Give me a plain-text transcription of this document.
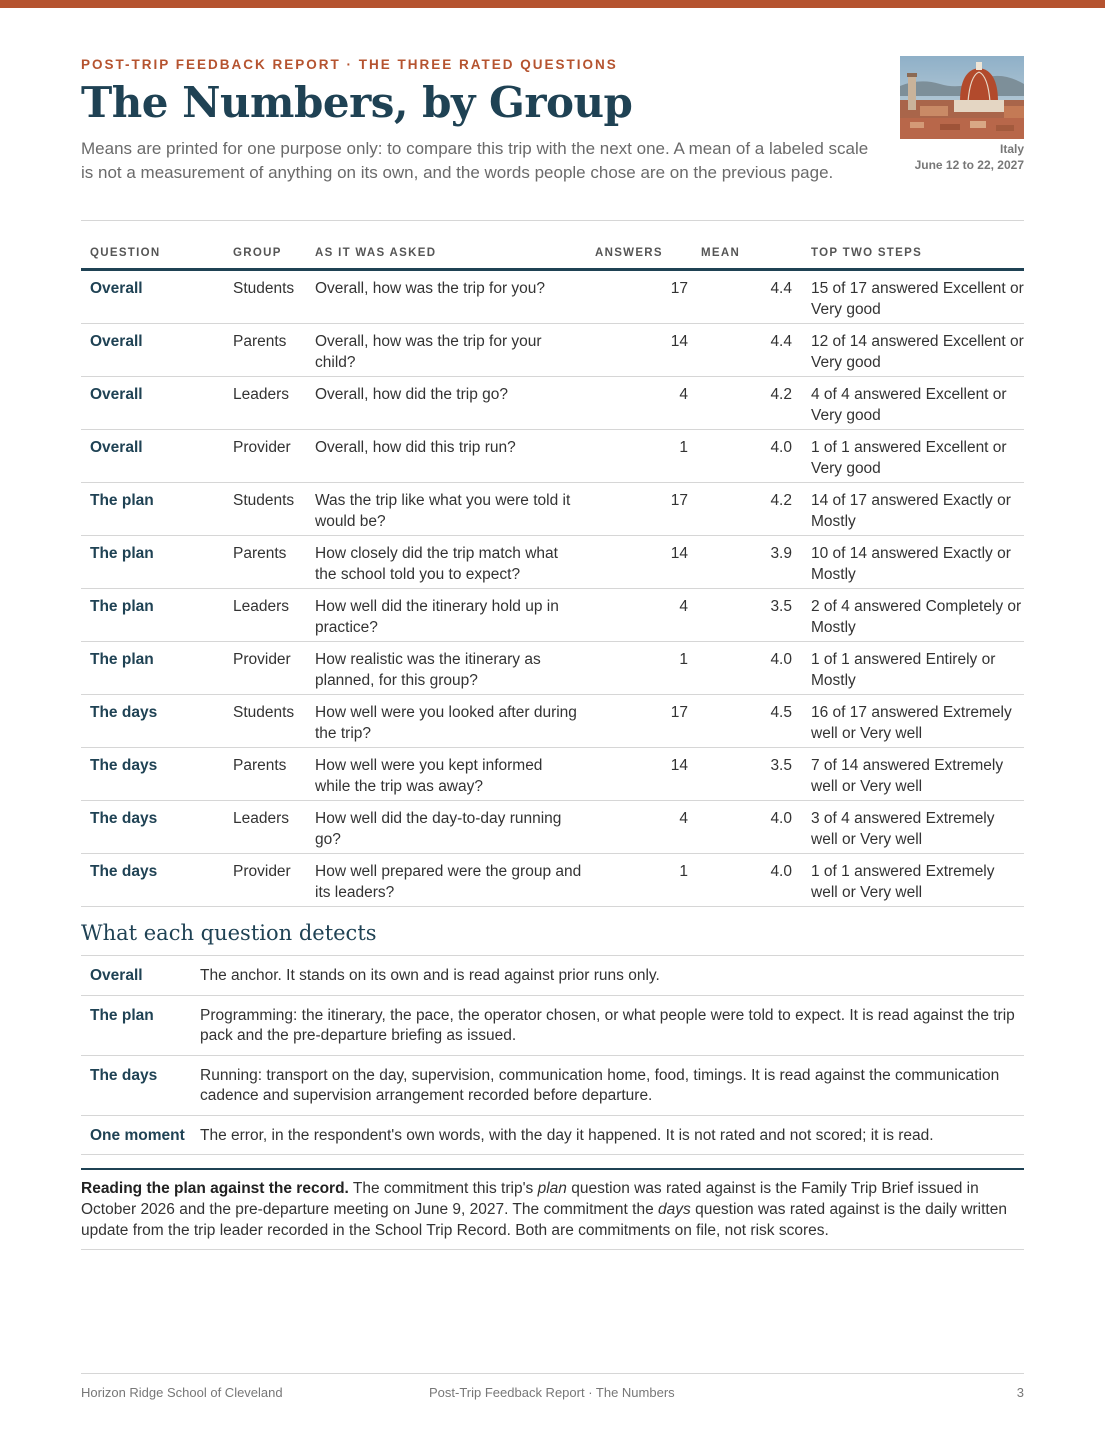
POST-TRIP FEEDBACK REPORT · THE THREE RATED QUESTIONS
The Numbers, by Group
Means are printed for one purpose only: to compare this trip with the next one. A mean of a labeled scale is not a measurement of anything on its own, and the words people chose are on the previous page.
Italy
June 12 to 22, 2027
QUESTION	GROUP	AS IT WAS ASKED	ANSWERS	MEAN	TOP TWO STEPS
Overall	Students	Overall, how was the trip for you?	17	4.4	15 of 17 answered Excellent or Very good
Overall	Parents	Overall, how was the trip for your child?	14	4.4	12 of 14 answered Excellent or Very good
Overall	Leaders	Overall, how did the trip go?	4	4.2	4 of 4 answered Excellent or Very good
Overall	Provider	Overall, how did this trip run?	1	4.0	1 of 1 answered Excellent or Very good
The plan	Students	Was the trip like what you were told it would be?	17	4.2	14 of 17 answered Exactly or Mostly
The plan	Parents	How closely did the trip match what the school told you to expect?	14	3.9	10 of 14 answered Exactly or Mostly
The plan	Leaders	How well did the itinerary hold up in practice?	4	3.5	2 of 4 answered Completely or Mostly
The plan	Provider	How realistic was the itinerary as planned, for this group?	1	4.0	1 of 1 answered Entirely or Mostly
The days	Students	How well were you looked after during the trip?	17	4.5	16 of 17 answered Extremely well or Very well
The days	Parents	How well were you kept informed while the trip was away?	14	3.5	7 of 14 answered Extremely well or Very well
The days	Leaders	How well did the day-to-day running go?	4	4.0	3 of 4 answered Extremely well or Very well
The days	Provider	How well prepared were the group and its leaders?	1	4.0	1 of 1 answered Extremely well or Very well
What each question detects
Overall	The anchor. It stands on its own and is read against prior runs only.
The plan	Programming: the itinerary, the pace, the operator chosen, or what people were told to expect. It is read against the trip pack and the pre-departure briefing as issued.
The days	Running: transport on the day, supervision, communication home, food, timings. It is read against the communication cadence and supervision arrangement recorded before departure.
One moment	The error, in the respondent's own words, with the day it happened. It is not rated and not scored; it is read.
Reading the plan against the record. The commitment this trip's plan question was rated against is the Family Trip Brief issued in October 2026 and the pre-departure meeting on June 9, 2027. The commitment the days question was rated against is the daily written update from the trip leader recorded in the School Trip Record. Both are commitments on file, not risk scores.
Horizon Ridge School of Cleveland	Post-Trip Feedback Report · The Numbers	3
